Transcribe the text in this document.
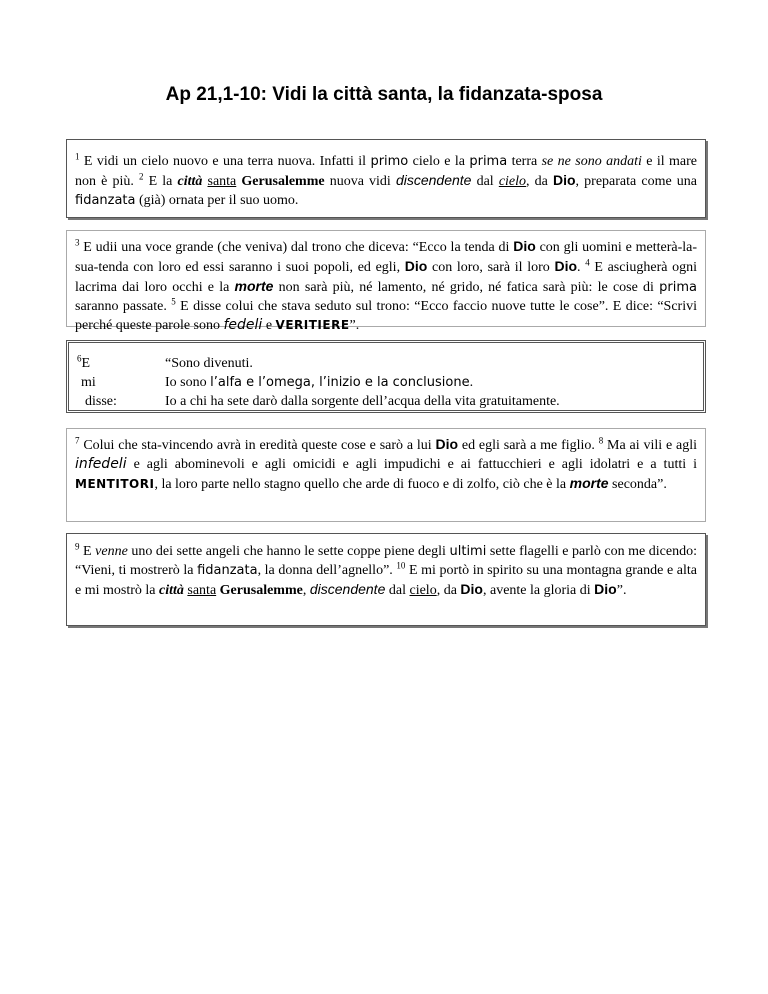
Ap 21,1-10: Vidi la città santa, la fidanzata-sposa

$^1$ E vidi un cielo nuovo e una terra nuova. Infatti il primo cielo e la prima terra se ne sono andati e il mare non è più. $^2$ E la città santa Gerusalemme nuova vidi discendente dal cielo, da Dio, preparata come una fidanzata (già) ornata per il suo uomo.

$^3$ E udii una voce grande (che veniva) dal trono che diceva: “Ecco la tenda di Dio con gli uomini e metterà-la-sua-tenda con loro ed essi saranno i suoi popoli, ed egli, Dio con loro, sarà il loro Dio. $^4$ E asciugherà ogni lacrima dai loro occhi e la morte non sarà più, né lamento, né grido, né fatica sarà più: le cose di prima saranno passate. $^5$ E disse colui che stava seduto sul trono: “Ecco faccio nuove tutte le cose”. E dice: “Scrivi perché queste parole sono fedeli e VERITIERE”.

$^6$E
mi
disse:
“Sono divenuti.
Io sono l’alfa e l’omega, l’inizio e la conclusione.
Io a chi ha sete darò dalla sorgente dell’acqua della vita gratuitamente.

$^7$ Colui che sta-vincendo avrà in eredità queste cose e sarò a lui Dio ed egli sarà a me figlio. $^8$ Ma ai vili e agli infedeli e agli abominevoli e agli omicidi e agli impudichi e ai fattucchieri e agli idolatri e a tutti i MENTITORI, la loro parte nello stagno quello che arde di fuoco e di zolfo, ciò che è la morte seconda”.

$^9$ E venne uno dei sette angeli che hanno le sette coppe piene degli ultimi sette flagelli e parlò con me dicendo: “Vieni, ti mostrerò la fidanzata, la donna dell’agnello”. $^{10}$ E mi portò in spirito su una montagna grande e alta e mi mostrò la città santa Gerusalemme, discendente dal cielo, da Dio, avente la gloria di Dio”.
